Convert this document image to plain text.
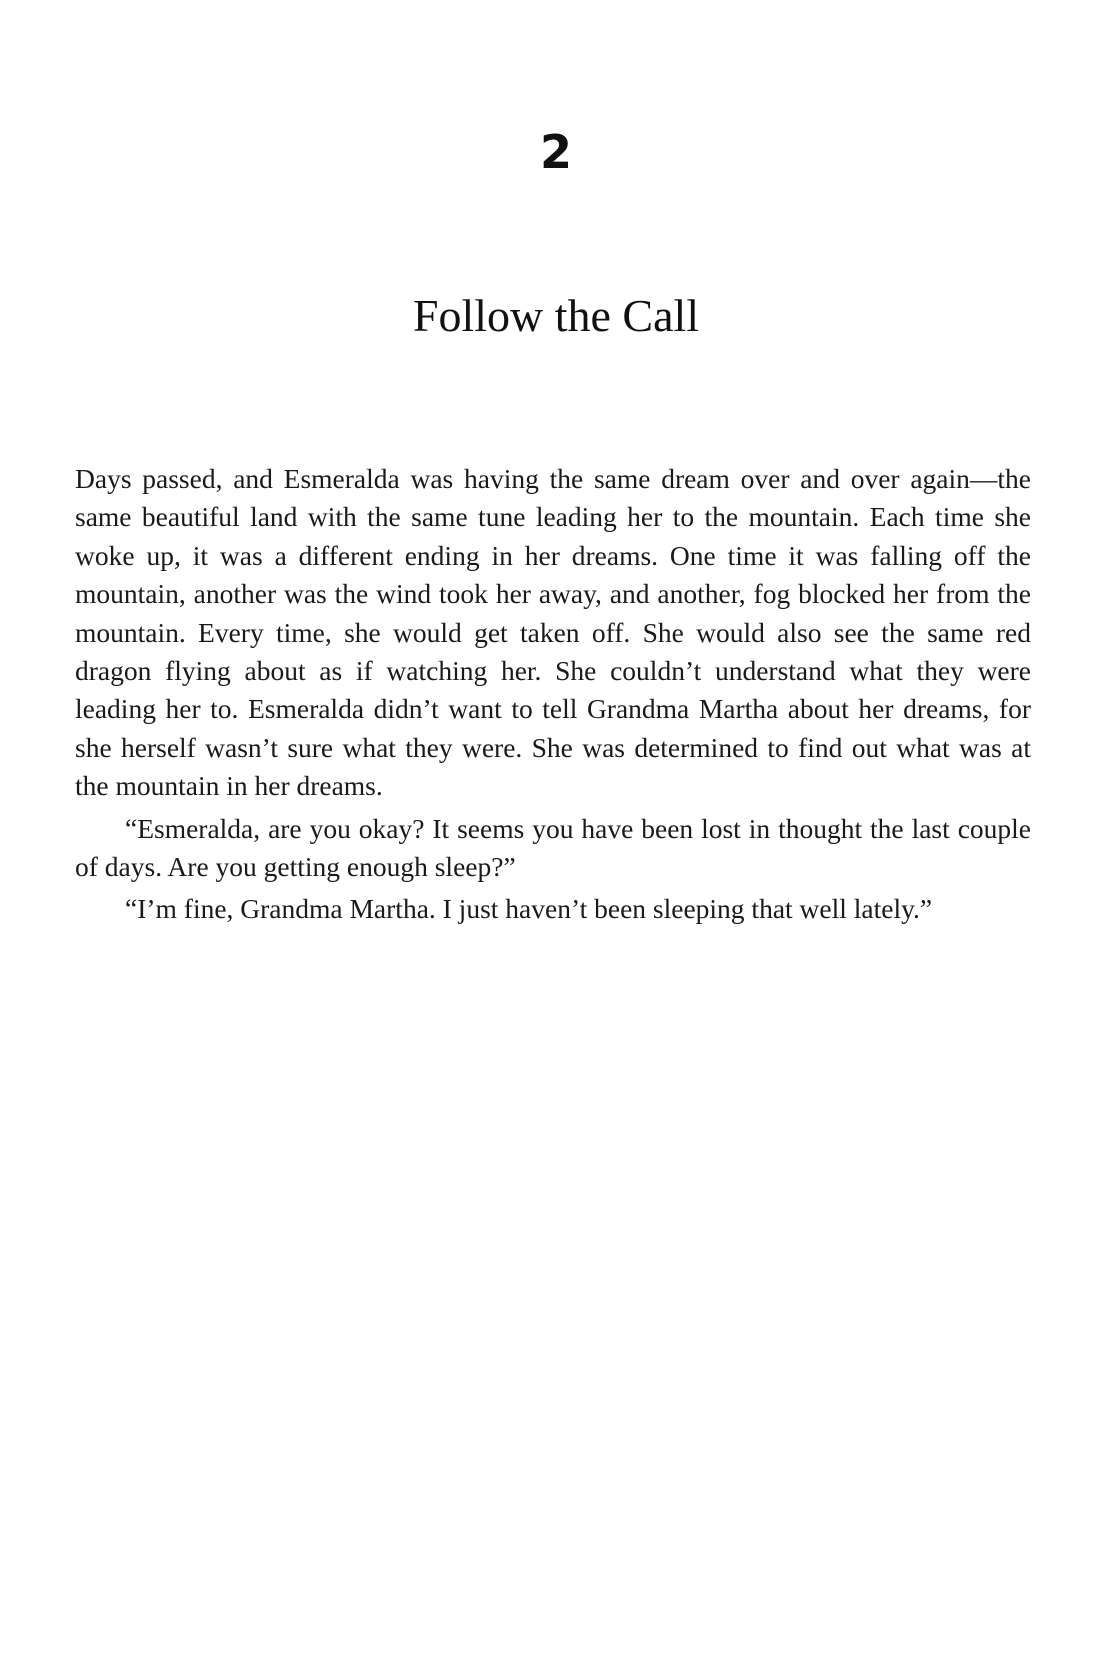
2
Follow the Call

Days passed, and Esmeralda was having the same dream over and over again—the same beautiful land with the same tune leading her to the mountain. Each time she woke up, it was a different ending in her dreams. One time it was falling off the mountain, another was the wind took her away, and another, fog blocked her from the mountain. Every time, she would get taken off. She would also see the same red dragon flying about as if watching her. She couldn’t understand what they were leading her to. Esmeralda didn’t want to tell Grandma Martha about her dreams, for she herself wasn’t sure what they were. She was determined to find out what was at the mountain in her dreams.

“Esmeralda, are you okay? It seems you have been lost in thought the last couple of days. Are you getting enough sleep?”

“I’m fine, Grandma Martha. I just haven’t been sleeping that well lately.”
